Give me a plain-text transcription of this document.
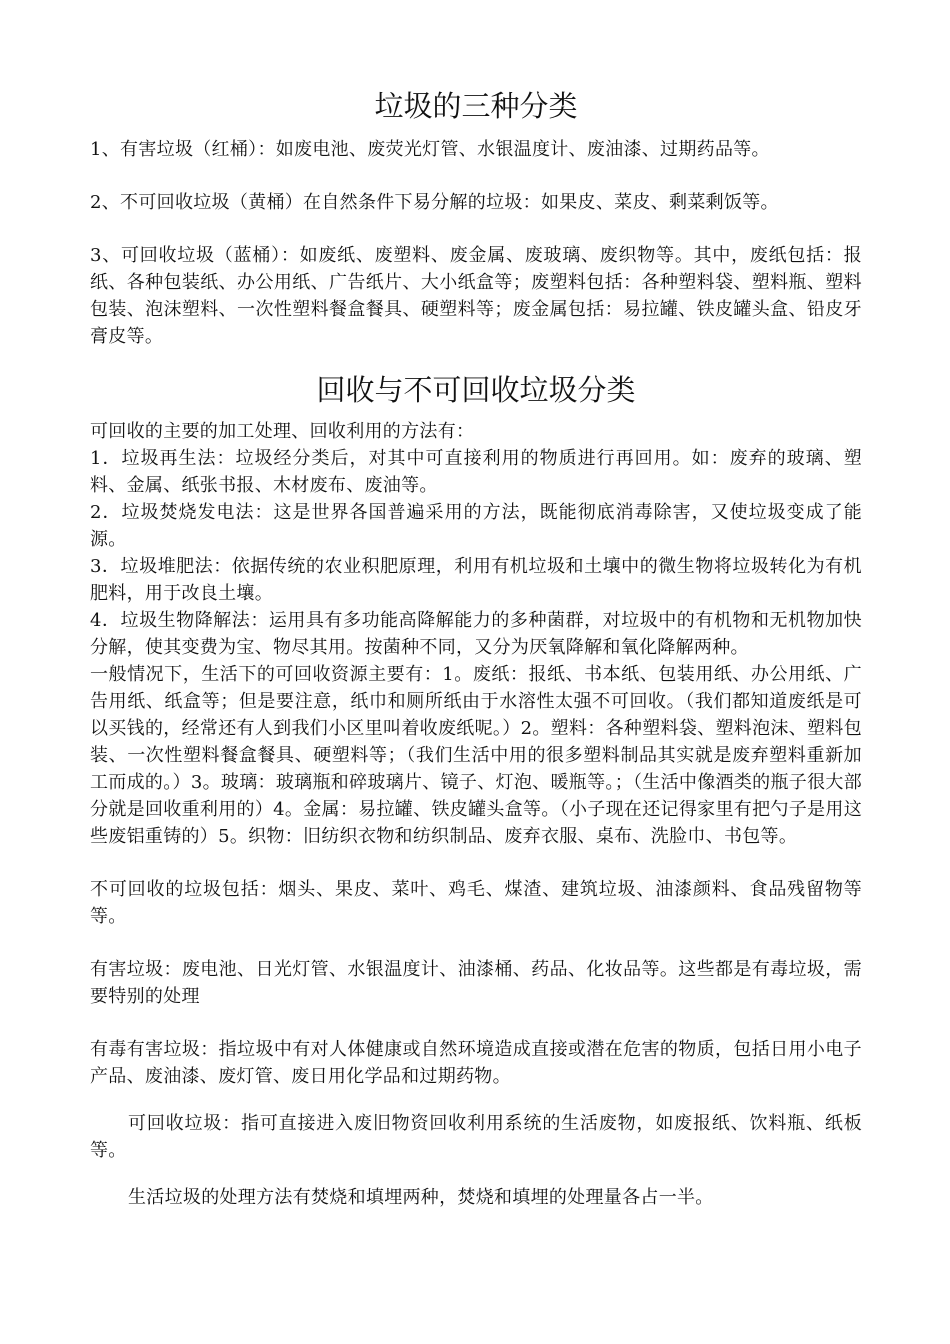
垃圾的三种分类

1、有害垃圾（红桶）：如废电池、废荧光灯管、水银温度计、废油漆、过期药品等。

2、不可回收垃圾（黄桶）在自然条件下易分解的垃圾：如果皮、菜皮、剩菜剩饭等。

3、可回收垃圾（蓝桶）：如废纸、废塑料、废金属、废玻璃、废织物等。其中，废纸包括：报纸、各种包装纸、办公用纸、广告纸片、大小纸盒等；废塑料包括：各种塑料袋、塑料瓶、塑料包装、泡沫塑料、一次性塑料餐盒餐具、硬塑料等；废金属包括：易拉罐、铁皮罐头盒、铅皮牙膏皮等。

回收与不可回收垃圾分类

可回收的主要的加工处理、回收利用的方法有：

1．垃圾再生法：垃圾经分类后，对其中可直接利用的物质进行再回用。如：废弃的玻璃、塑料、金属、纸张书报、木材废布、废油等。

2．垃圾焚烧发电法：这是世界各国普遍采用的方法，既能彻底消毒除害，又使垃圾变成了能源。

3．垃圾堆肥法：依据传统的农业积肥原理，利用有机垃圾和土壤中的微生物将垃圾转化为有机肥料，用于改良土壤。

4．垃圾生物降解法：运用具有多功能高降解能力的多种菌群，对垃圾中的有机物和无机物加快分解，使其变费为宝、物尽其用。按菌种不同，又分为厌氧降解和氧化降解两种。

一般情况下，生活下的可回收资源主要有：1。废纸：报纸、书本纸、包装用纸、办公用纸、广告用纸、纸盒等；但是要注意，纸巾和厕所纸由于水溶性太强不可回收。（我们都知道废纸是可以买钱的，经常还有人到我们小区里叫着收废纸呢。）2。塑料：各种塑料袋、塑料泡沫、塑料包装、一次性塑料餐盒餐具、硬塑料等；（我们生活中用的很多塑料制品其实就是废弃塑料重新加工而成的。）3。玻璃：玻璃瓶和碎玻璃片、镜子、灯泡、暖瓶等。；（生活中像酒类的瓶子很大部分就是回收重利用的）4。金属：易拉罐、铁皮罐头盒等。（小子现在还记得家里有把勺子是用这些废铝重铸的）5。织物：旧纺织衣物和纺织制品、废弃衣服、桌布、洗脸巾、书包等。

不可回收的垃圾包括：烟头、果皮、菜叶、鸡毛、煤渣、建筑垃圾、油漆颜料、食品残留物等等。

有害垃圾：废电池、日光灯管、水银温度计、油漆桶、药品、化妆品等。这些都是有毒垃圾，需要特别的处理

有毒有害垃圾：指垃圾中有对人体健康或自然环境造成直接或潜在危害的物质，包括日用小电子产品、废油漆、废灯管、废日用化学品和过期药物。

可回收垃圾：指可直接进入废旧物资回收利用系统的生活废物，如废报纸、饮料瓶、纸板等。

生活垃圾的处理方法有焚烧和填埋两种，焚烧和填埋的处理量各占一半。
